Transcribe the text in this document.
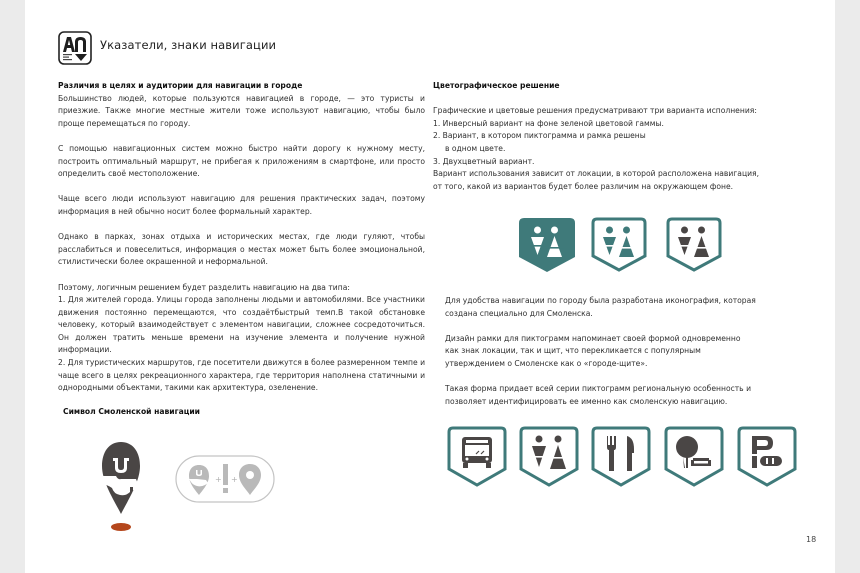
Указатели, знаки навигации

Различия в целях и аудитории для навигации в городе

Большинство людей, которые пользуются навигацией в городе, — это туристы и приезжие. Также многие местные жители тоже используют навигацию, чтобы было проще перемещаться по городу.

С помощью навигационных систем можно быстро найти дорогу к нужному месту, построить оптимальный маршрут, не прибегая к приложениям в смартфоне, или просто определить своё местоположение.

Чаще всего люди используют навигацию для решения практических задач, поэтому информация в ней обычно носит более формальный характер.

Однако в парках, зонах отдыха и исторических местах, где люди гуляют, чтобы расслабиться и повеселиться, информация о местах может быть более эмоциональной, стилистически более окрашенной и неформальной.

Поэтому, логичным решением будет разделить навигацию на два типа:

1. Для жителей города. Улицы города заполнены людьми и автомобилями. Все участники движения постоянно перемещаются, что создаётбыстрый темп.В такой обстановке человеку, который взаимодействует с элементом навигации, сложнее сосредоточиться. Он должен тратить меньше времени на изучение элемента и получение нужной информации.

2. Для туристических маршрутов, где посетители движутся в более размеренном темпе и чаще всего в целях рекреационного характера, где территория наполнена статичными и однородными объектами, такими как архитектура, озеленение.

Символ Смоленской навигации
+ +

Цветографическое решение

Графические и цветовые решения предусматривают три варианта исполнения:

1. Инверсный вариант на фоне зеленой цветовой гаммы.

2. Вариант, в котором пиктограмма и рамка решены

в одном цвете.

3. Двухцветный вариант.

Вариант использования зависит от локации, в которой расположена навигация,

от того, какой из вариантов будет более различим на окружающем фоне.

Для удобства навигации по городу была разработана иконография, которая

создана специально для Смоленска.

Дизайн рамки для пиктограмм напоминает своей формой одновременно

как знак локации, так и щит, что перекликается с популярным

утверждением о Смоленске как о «городе-щите».

Такая форма придает всей серии пиктограмм региональную особенность и

позволяет идентифицировать ее именно как смоленскую навигацию.

18
